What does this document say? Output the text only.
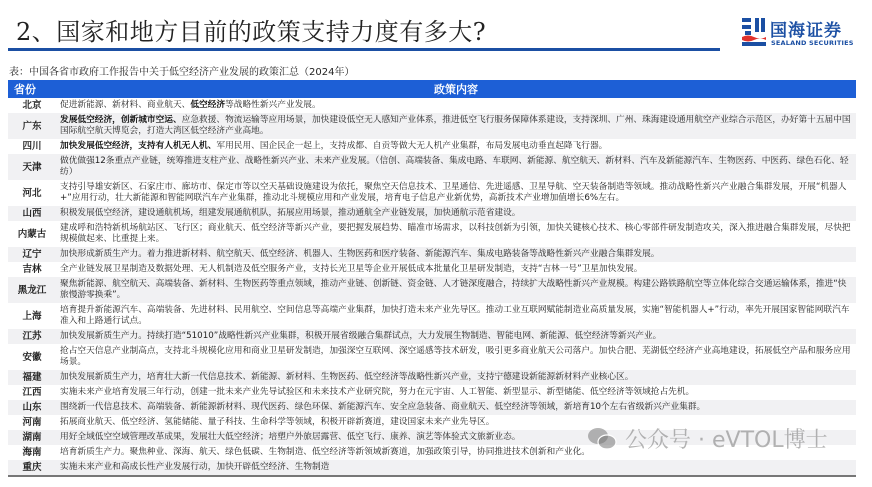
2、国家和地方目前的政策支持力度有多大?	国海证券
SEALAND SECURITIES
表：中国各省市政府工作报告中关于低空经济产业发展的政策汇总（2024年）
省份	政策内容
北京	促进新能源、新材料、商业航天、低空经济等战略性新兴产业发展。
广东	发展低空经济，创新城市空运、应急救援、物流运输等应用场景，加快建设低空无人感知产业体系，推进低空飞行服务保障体系建设，支持深圳、广州、珠海建设通用航空产业综合示范区，办好第十五届中国国际航空航天博览会，打造大湾区低空经济产业高地。
四川	加快发展低空经济，支持有人机无人机、军用民用、国企民企一起上，支持成都、自贡等做大无人机产业集群，布局发展电动垂直起降飞行器。
天津	做优做强12条重点产业链，统筹推进支柱产业、战略性新兴产业、未来产业发展。（信创、高端装备、集成电路、车联网、新能源、航空航天、新材料、汽车及新能源汽车、生物医药、中医药、绿色石化、轻纺）
河北	支持引导雄安新区、石家庄市、廊坊市、保定市等以空天基础设施建设为依托，聚焦空天信息技术、卫星通信、先进遥感、卫星导航、空天装备制造等领域。推动战略性新兴产业融合集群发展，开展“机器人+”应用行动，壮大新能源和智能网联汽车产业集群，推动北斗规模应用和产业发展，培育电子信息产业新优势，高新技术产业增加值增长6%左右。
山西	积极发展低空经济，建设通航机场，组建发展通航机队，拓展应用场景，推动通航全产业链发展，加快通航示范省建设。
内蒙古	建成呼和浩特新机场航站区、飞行区；商业航天、低空经济等新兴产业，要把握发展趋势、瞄准市场需求，以科技创新为引领，加快关键核心技术、核心零部件研发制造攻关，深入推进融合集群发展，尽快把规模做起来、比重提上来。
辽宁	加快形成新质生产力。着力推进新材料、航空航天、低空经济、机器人、生物医药和医疗装备、新能源汽车、集成电路装备等战略性新兴产业融合集群发展。
吉林	全产业链发展卫星制造及数据处理、无人机制造及低空服务产业，支持长光卫星等企业开展低成本批量化卫星研发制造，支持“吉林一号”卫星加快发展。
黑龙江	聚焦新能源、航空航天、高端装备、新材料、生物医药等重点领域，推动产业链、创新链、资金链、人才链深度融合，持续扩大战略性新兴产业规模。构建公路铁路航空等立体化综合交通运输体系，推进“快旅慢游零换乘”。
上海	培育提升新能源汽车、高端装备、先进材料、民用航空、空间信息等高端产业集群，加快打造未来产业先导区。推动工业互联网赋能制造业高质量发展，实施“智能机器人+”行动，率先开展国家智能网联汽车准入和上路通行试点。
江苏	加快发展新质生产力。持续打造“51010”战略性新兴产业集群，积极开展省级融合集群试点，大力发展生物制造、智能电网、新能源、低空经济等新兴产业。
安徽	抢占空天信息产业制高点，支持北斗规模化应用和商业卫星研发制造，加强深空互联网、深空遥感等技术研发，吸引更多商业航天公司落户。加快合肥、芜湖低空经济产业高地建设，拓展低空产品和服务应用场景。
福建	加快发展新质生产力，培育壮大新一代信息技术、新能源、新材料、生物医药、低空经济等战略性新兴产业，支持宁德建设新能源新材料产业核心区。
江西	实施未来产业培育发展三年行动，创建一批未来产业先导试验区和未来技术产业研究院，努力在元宇宙、人工智能、新型显示、新型储能、低空经济等领域抢占先机。
山东	围绕新一代信息技术、高端装备、新能源新材料、现代医药、绿色环保、新能源汽车、安全应急装备、商业航天、低空经济等领域，新培育10个左右省级新兴产业集群。
河南	拓展商业航天、低空经济、氢能储能、量子科技、生命科学等领域，积极开辟新赛道，建设国家未来产业先导区。
湖南	用好全域低空空域管理改革成果，发展壮大低空经济；培塑户外旅居露营、低空飞行、康养、演艺等体验式文旅新业态。
海南	培育新质生产力。聚焦种业、深海、航天、绿色低碳、生物制造、低空经济等新领域新赛道，加强政策引导，协同推进技术创新和产业化。
重庆	实施未来产业和高成长性产业发展行动，加快开辟低空经济、生物制造
公众号 · eVTOL博士
